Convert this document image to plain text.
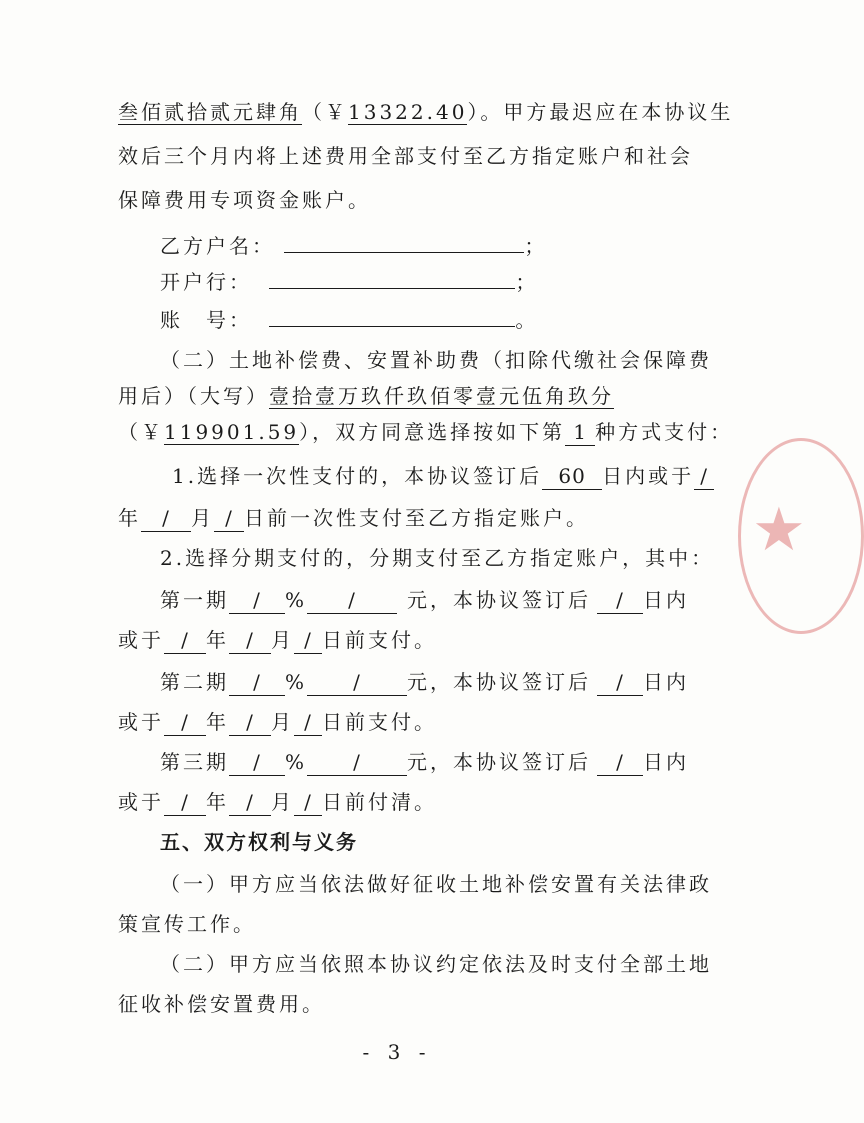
叁佰贰拾贰元肆角（￥13322.40）。甲方最迟应在本协议生
效后三个月内将上述费用全部支付至乙方指定账户和社会
保障费用专项资金账户。
乙方户名：	；
开户行：	；
账　号：	。
（二）土地补偿费、安置补助费（扣除代缴社会保障费
用后）（大写）壹拾壹万玖仟玖佰零壹元伍角玖分
（￥119901.59），双方同意选择按如下第 1 种方式支付：
1.选择一次性支付的，本协议签订后 60 日内或于 /
年 / 月 / 日前一次性支付至乙方指定账户。
2.选择分期支付的，分期支付至乙方指定账户，其中：
第一期 / % /	元，本协议签订后 / 日内
或于 / 年 / 月 / 日前支付。
第二期 / % / 元，本协议签订后 / 日内
或于 / 年 / 月 / 日前支付。
第三期 / % / 元，本协议签订后 / 日内
或于 / 年 / 月 / 日前付清。
五、双方权利与义务
（一）甲方应当依法做好征收土地补偿安置有关法律政
策宣传工作。
（二）甲方应当依照本协议约定依法及时支付全部土地
征收补偿安置费用。
- 3 -
★
